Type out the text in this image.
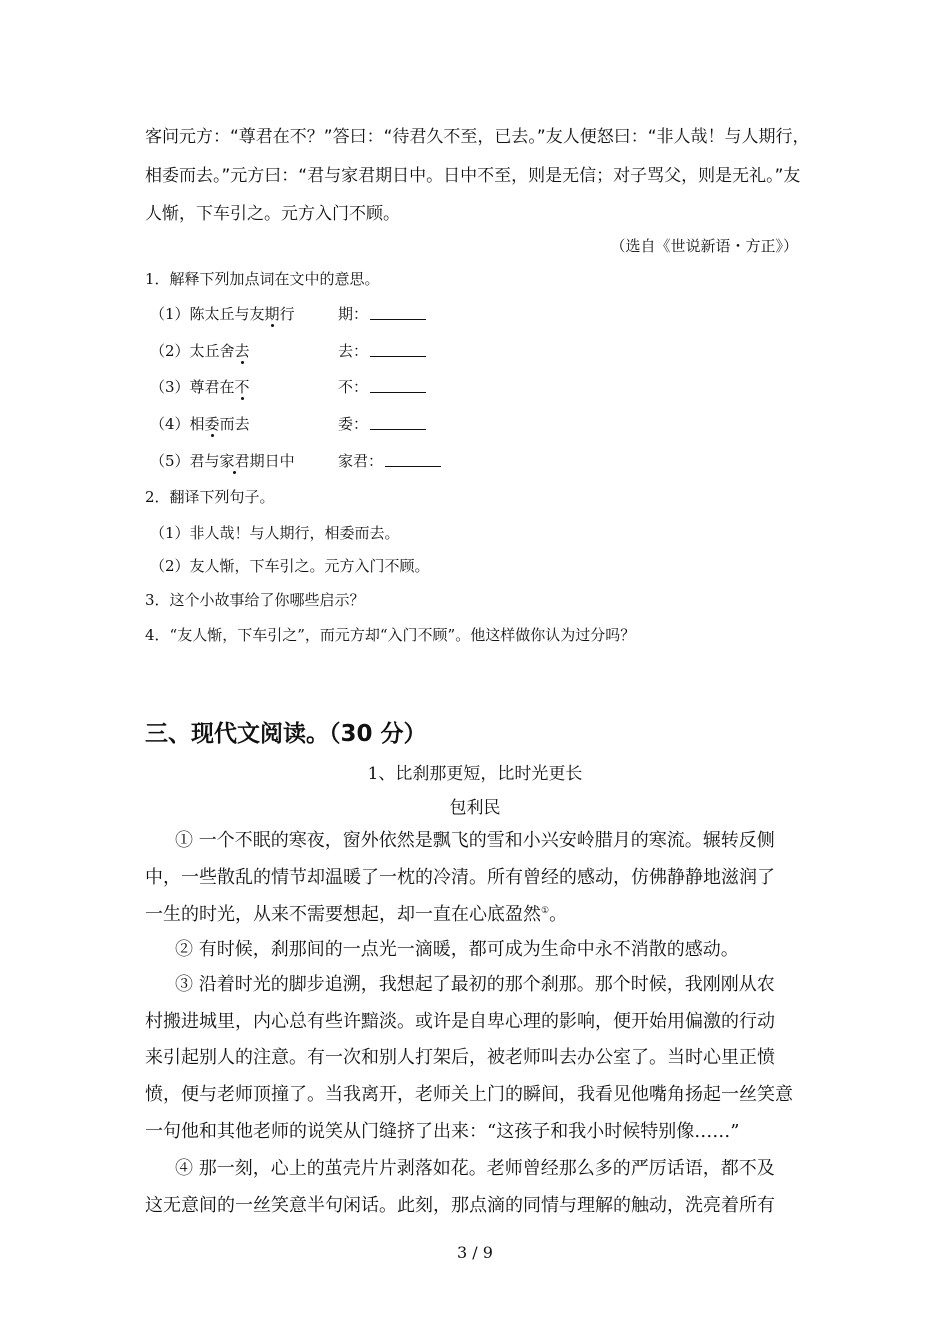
客问元方：“尊君在不？”答曰：“待君久不至，已去。”友人便怒曰：“非人哉！与人期行，
相委而去。”元方曰：“君与家君期日中。日中不至，则是无信；对子骂父，则是无礼。”友
人惭，下车引之。元方入门不顾。
（选自《世说新语・方正》）
1．解释下列加点词在文中的意思。
（1）陈太丘与友期行	期：
（2）太丘舍去	去：
（3）尊君在不	不：
（4）相委而去	委：
（5）君与家君期日中	家君：
2．翻译下列句子。
（1）非人哉！与人期行，相委而去。
（2）友人惭，下车引之。元方入门不顾。
3．这个小故事给了你哪些启示？
4．“友人惭，下车引之”，而元方却“入门不顾”。他这样做你认为过分吗？
三、现代文阅读。（30 分）
1、比刹那更短，比时光更长
包利民
① 一个不眠的寒夜，窗外依然是飘飞的雪和小兴安岭腊月的寒流。辗转反侧
中，一些散乱的情节却温暖了一枕的冷清。所有曾经的感动，仿佛静静地滋润了
一生的时光，从来不需要想起，却一直在心底盈然①。
② 有时候，刹那间的一点光一滴暖，都可成为生命中永不消散的感动。
③ 沿着时光的脚步追溯，我想起了最初的那个刹那。那个时候，我刚刚从农
村搬进城里，内心总有些许黯淡。或许是自卑心理的影响，便开始用偏激的行动
来引起别人的注意。有一次和别人打架后，被老师叫去办公室了。当时心里正愤
愤，便与老师顶撞了。当我离开，老师关上门的瞬间，我看见他嘴角扬起一丝笑意
一句他和其他老师的说笑从门缝挤了出来：“这孩子和我小时候特别像……”
④ 那一刻，心上的茧壳片片剥落如花。老师曾经那么多的严厉话语，都不及
这无意间的一丝笑意半句闲话。此刻，那点滴的同情与理解的触动，洗亮着所有
3 / 9
